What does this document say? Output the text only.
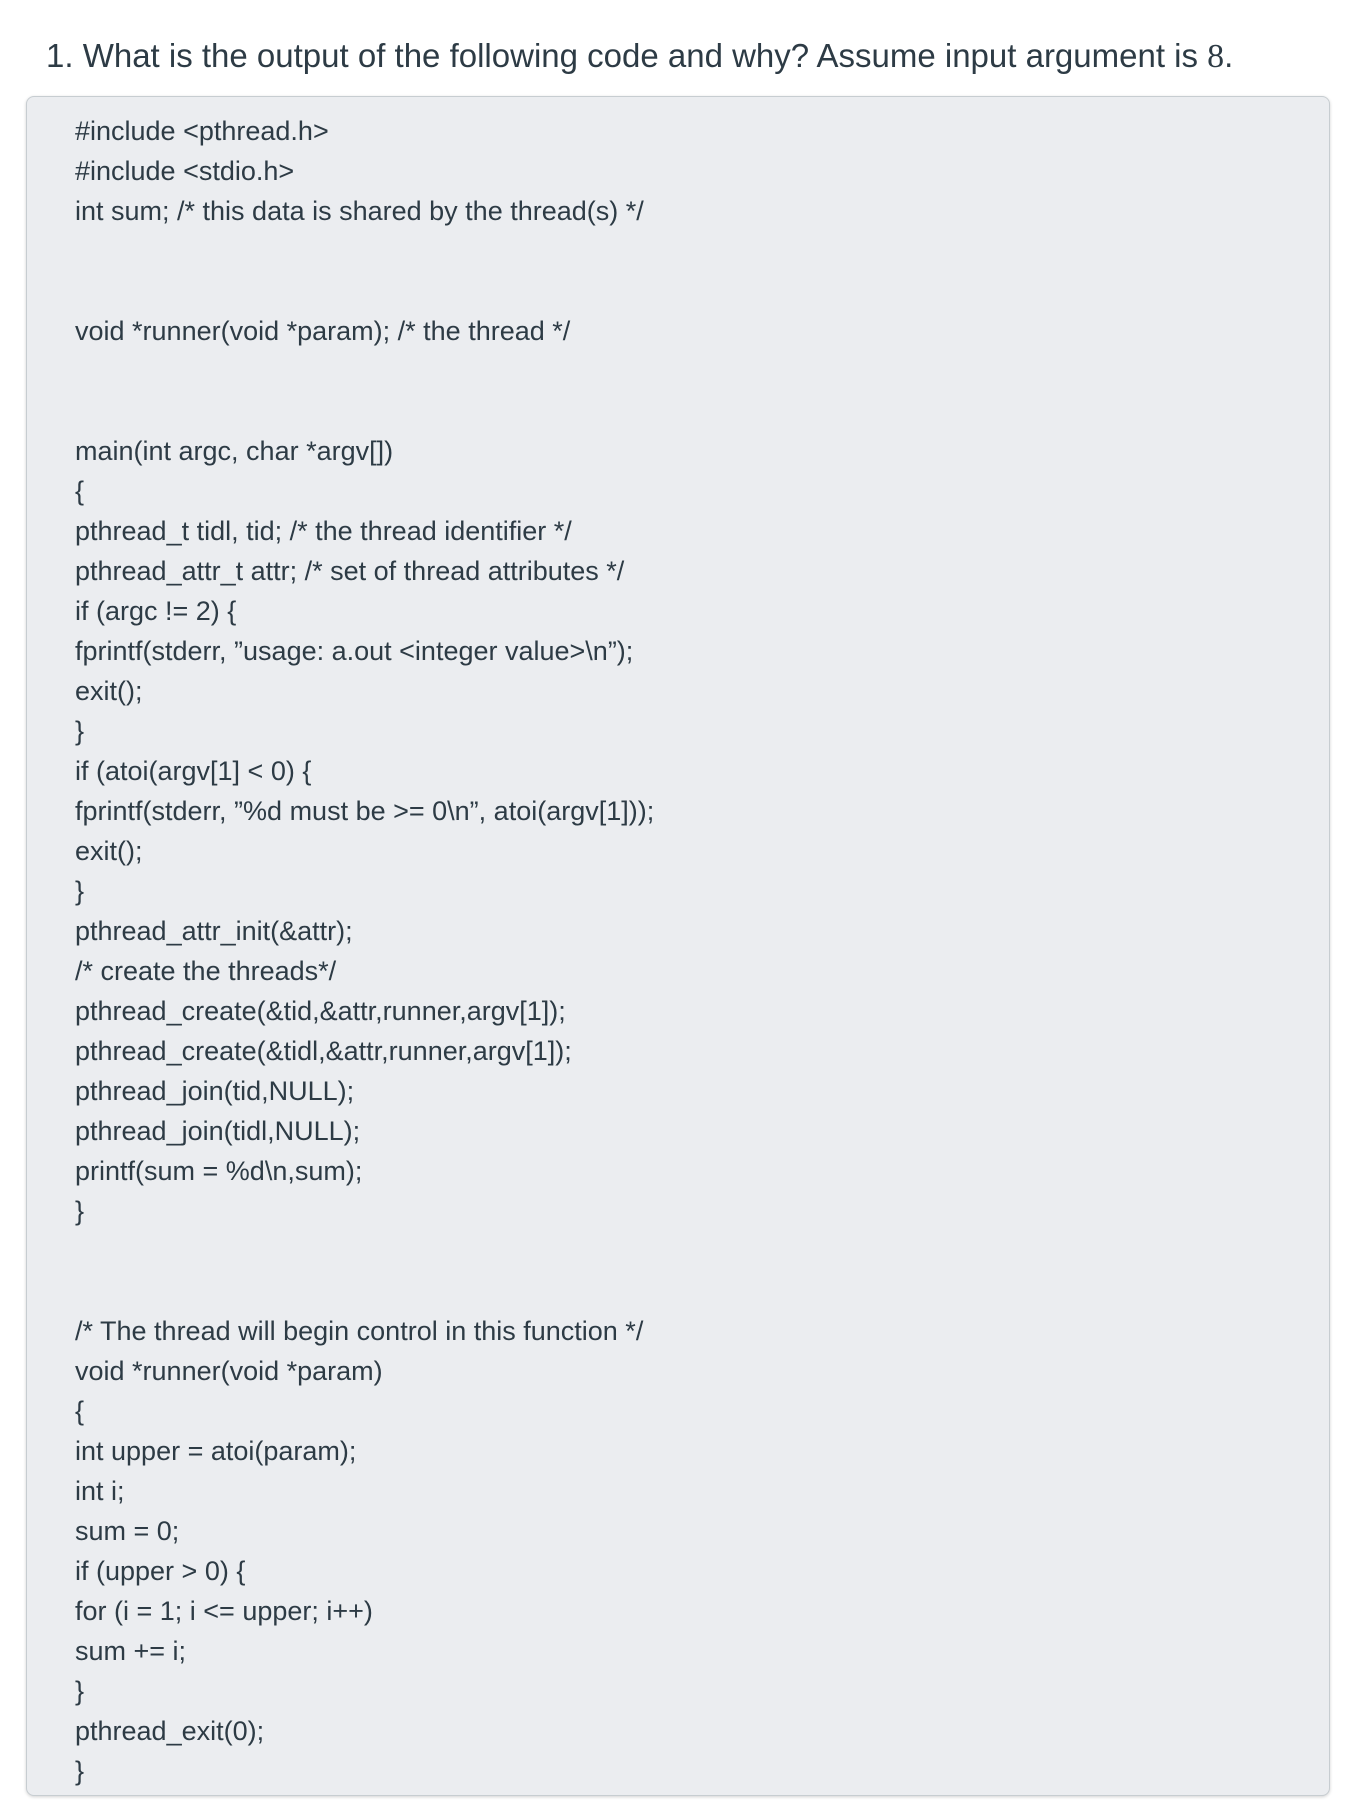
1. What is the output of the following code and why? Assume input argument is 8.
#include <pthread.h>
#include <stdio.h>
int sum; /* this data is shared by the thread(s) */
void *runner(void *param); /* the thread */
main(int argc, char *argv[])
{
pthread_t tidl, tid; /* the thread identifier */
pthread_attr_t attr; /* set of thread attributes */
if (argc != 2) {
fprintf(stderr, ”usage: a.out <integer value>\n”);
exit();
}
if (atoi(argv[1] < 0) {
fprintf(stderr, ”%d must be >= 0\n”, atoi(argv[1]));
exit();
}
pthread_attr_init(&attr);
/* create the threads*/
pthread_create(&tid,&attr,runner,argv[1]);
pthread_create(&tidl,&attr,runner,argv[1]);
pthread_join(tid,NULL);
pthread_join(tidl,NULL);
printf(sum = %d\n,sum);
}
/* The thread will begin control in this function */
void *runner(void *param)
{
int upper = atoi(param);
int i;
sum = 0;
if (upper > 0) {
for (i = 1; i <= upper; i++)
sum += i;
}
pthread_exit(0);
}
